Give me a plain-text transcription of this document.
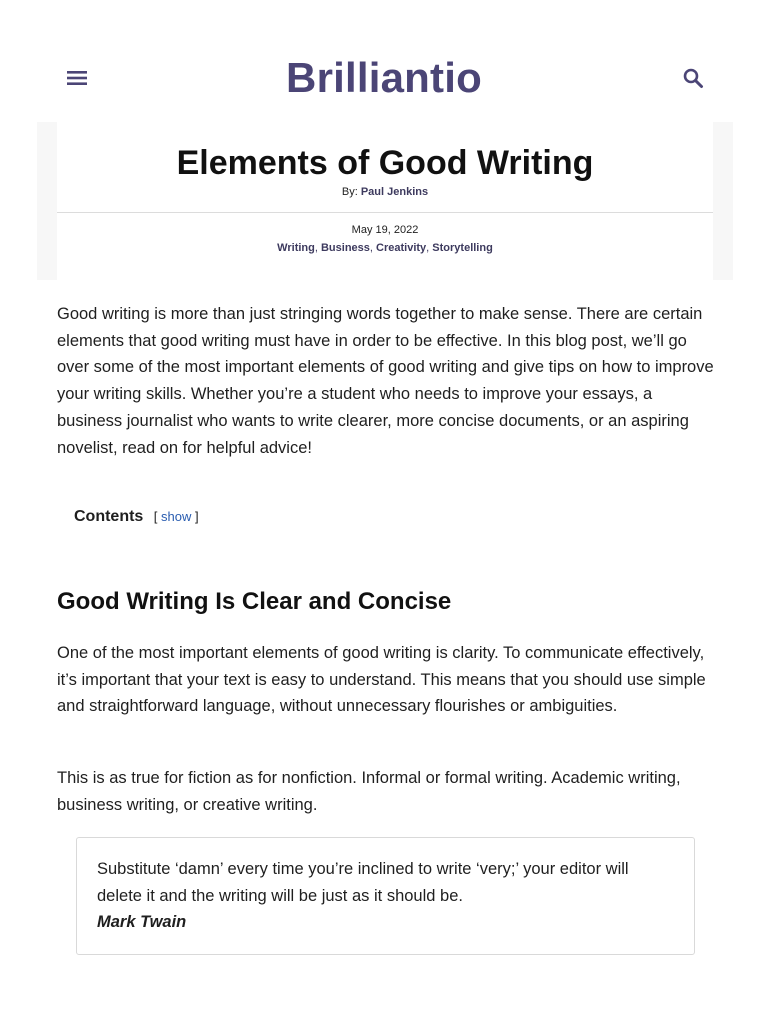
Brilliantio
Elements of Good Writing
By: Paul Jenkins
May 19, 2022
Writing, Business, Creativity, Storytelling

Good writing is more than just stringing words together to make sense. There are certain elements that good writing must have in order to be effective. In this blog post, we’ll go over some of the most important elements of good writing and give tips on how to improve your writing skills. Whether you’re a student who needs to improve your essays, a business journalist who wants to write clearer, more concise documents, or an aspiring novelist, read on for helpful advice!

Contents [ show ]
Good Writing Is Clear and Concise

One of the most important elements of good writing is clarity. To communicate effectively, it’s important that your text is easy to understand. This means that you should use simple and straightforward language, without unnecessary flourishes or ambiguities.

This is as true for fiction as for nonfiction. Informal or formal writing. Academic writing, business writing, or creative writing.

Substitute ‘damn’ every time you’re inclined to write ‘very;’ your editor will delete it and the writing will be just as it should be.
Mark Twain
